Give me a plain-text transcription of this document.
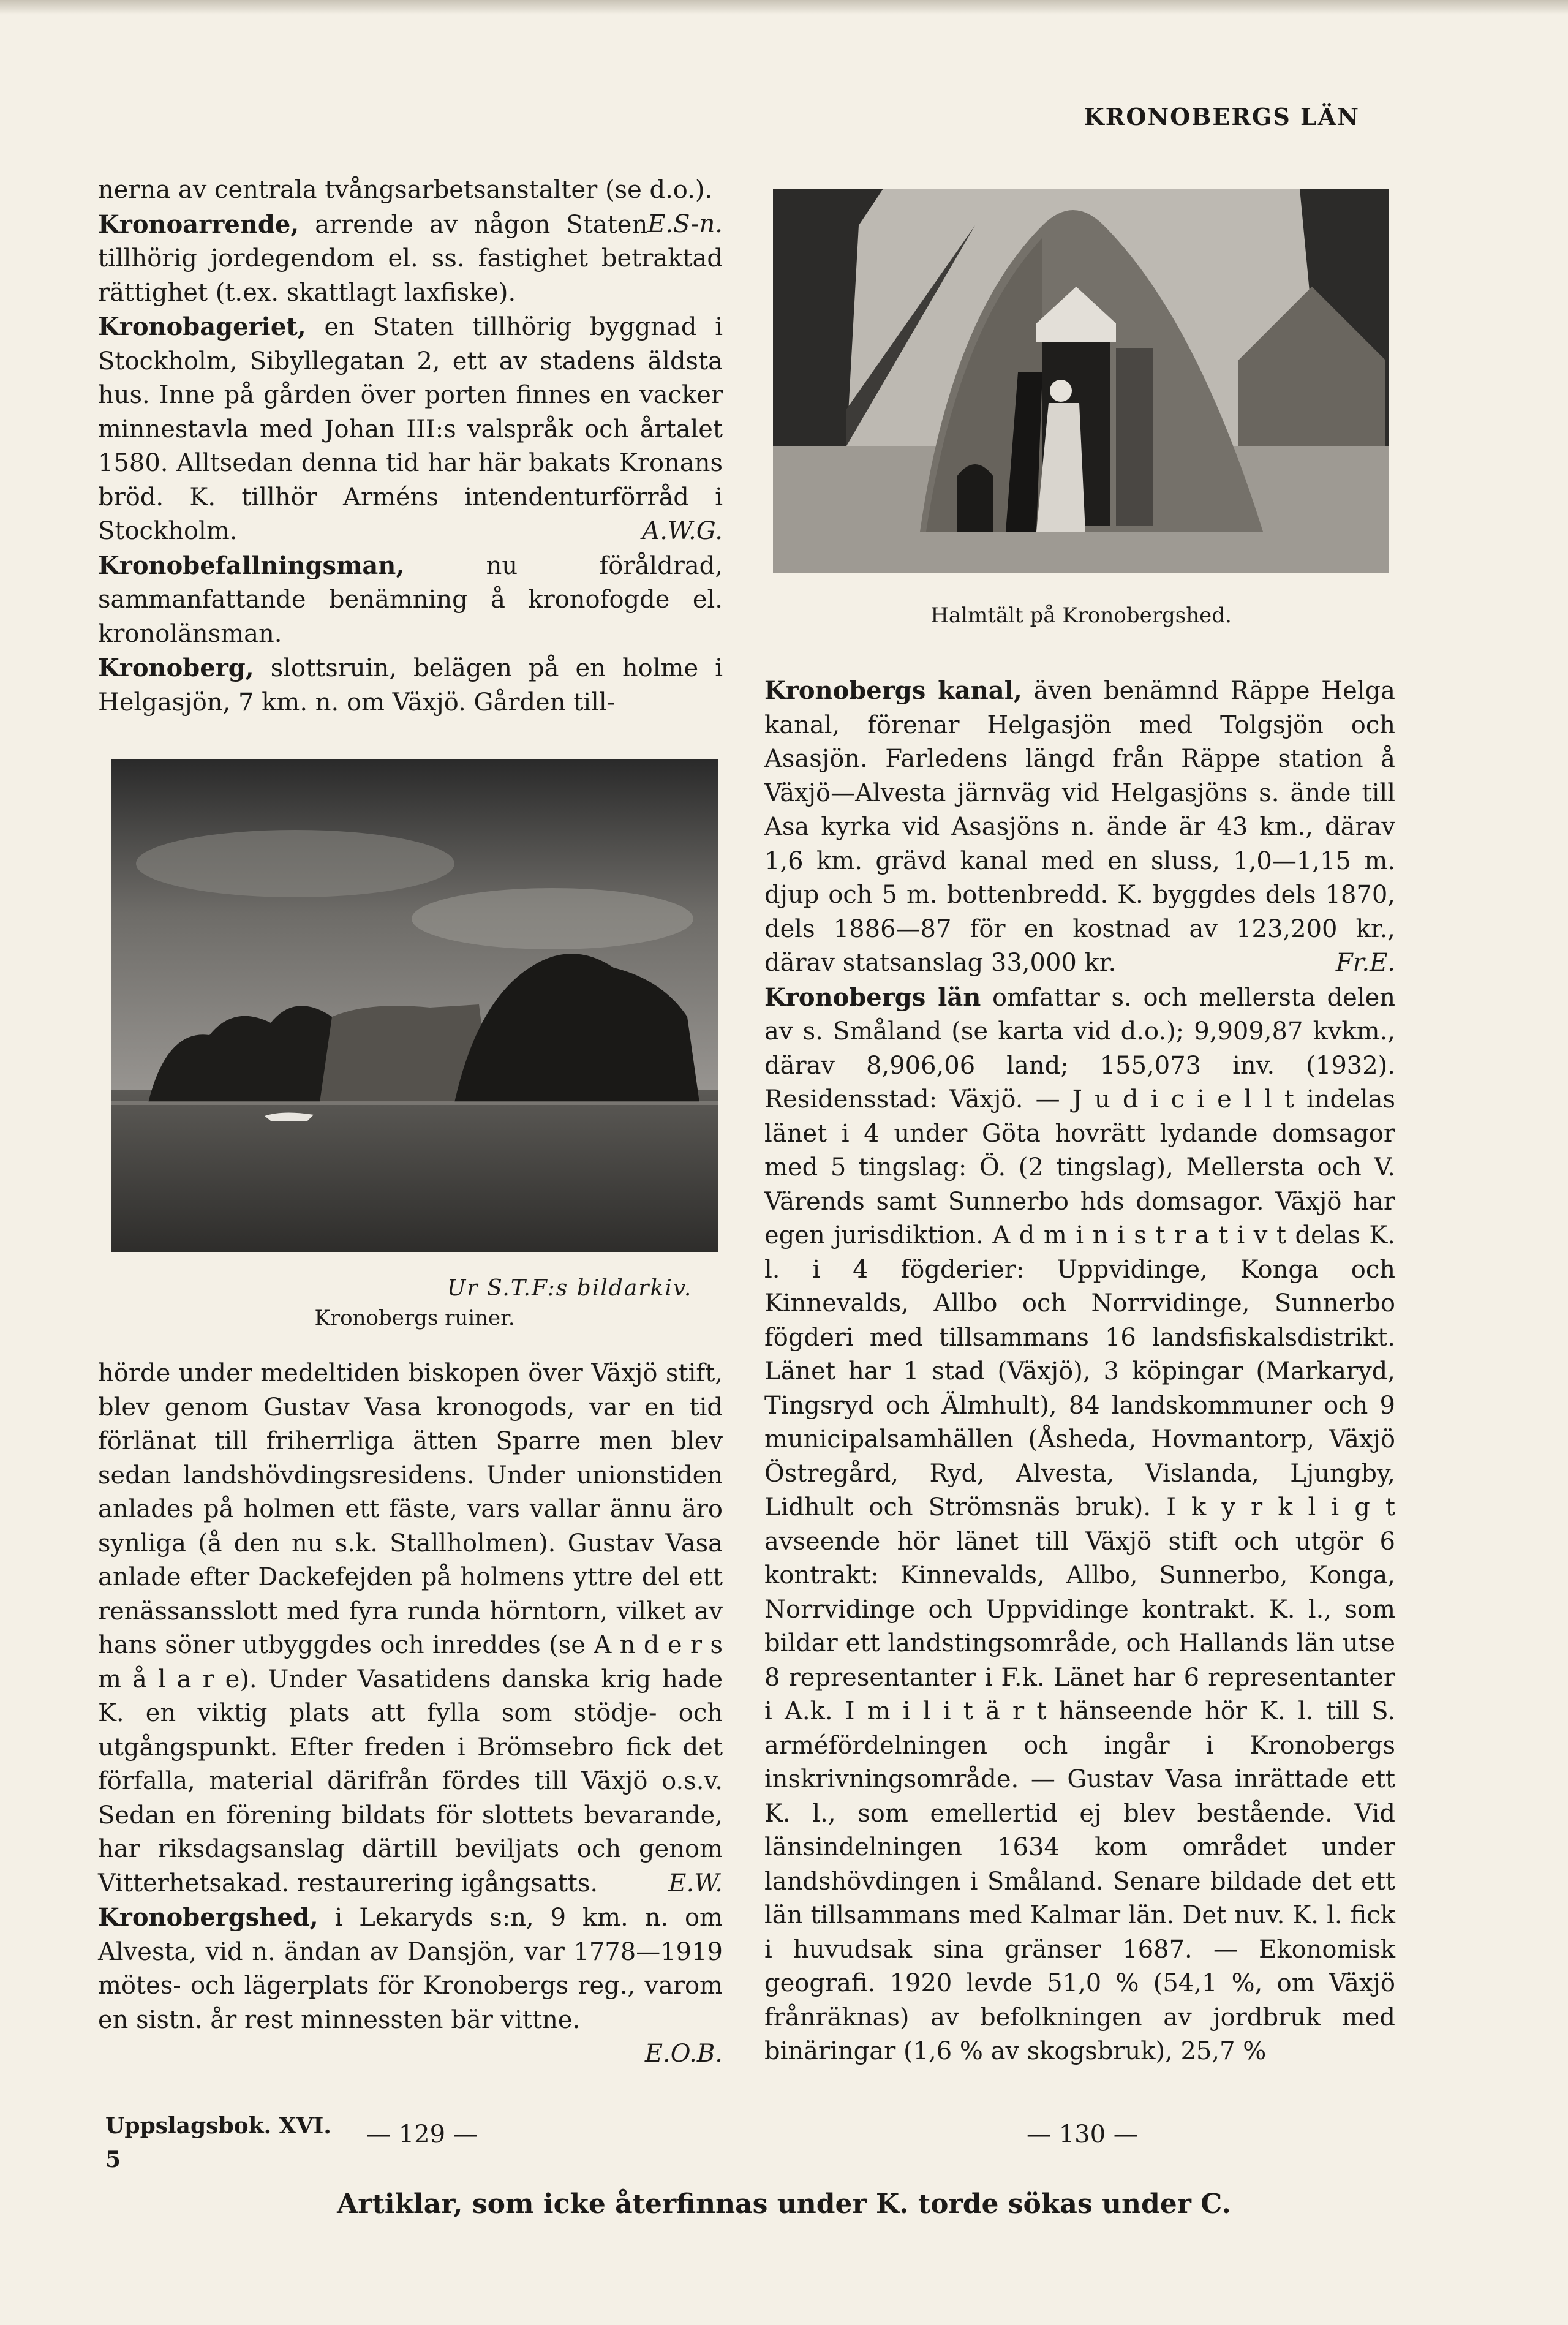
KRONOBERGS LÄN

nerna av centrala tvångsarbetsanstalter (se d.o.).
E.S-n.

Kronoarrende, arrende av någon Staten tillhörig jordegendom el. ss. fastighet betraktad rättighet (t.ex. skattlagt laxfiske).

Kronobageriet, en Staten tillhörig byggnad i Stockholm, Sibyllegatan 2, ett av stadens äldsta hus. Inne på gården över porten finnes en vacker minnestavla med Johan III:s valspråk och årtalet 1580. Alltsedan denna tid har här bakats Kronans bröd. K. tillhör Arméns intendenturförråd i Stockholm.	A.W.G.

Kronobefallningsman, nu föråldrad, sammanfattande benämning å kronofogde el. kronolänsman.

Kronoberg, slottsruin, belägen på en holme i Helgasjön, 7 km. n. om Växjö. Gården till-

Ur S.T.F:s bildarkiv.
Kronobergs ruiner.

hörde under medeltiden biskopen över Växjö stift, blev genom Gustav Vasa kronogods, var en tid förlänat till friherrliga ätten Sparre men blev sedan landshövdingsresidens. Under unionstiden anlades på holmen ett fäste, vars vallar ännu äro synliga (å den nu s.k. Stallholmen). Gustav Vasa anlade efter Dackefejden på holmens yttre del ett renässansslott med fyra runda hörntorn, vilket av hans söner utbyggdes och inreddes (se A n d e r s m å l a r e). Under Vasatidens danska krig hade K. en viktig plats att fylla som stödje- och utgångspunkt. Efter freden i Brömsebro fick det förfalla, material därifrån fördes till Växjö o.s.v. Sedan en förening bildats för slottets bevarande, har riksdagsanslag därtill beviljats och genom Vitterhetsakad. restaurering igångsatts.	E.W.

Kronobergshed, i Lekaryds s:n, 9 km. n. om Alvesta, vid n. ändan av Dansjön, var 1778—1919 mötes- och lägerplats för Kronobergs reg., varom en sistn. år rest minnessten bär vittne.
E.O.B.

Halmtält på Kronobergshed.

Kronobergs kanal, även benämnd Räppe Helga kanal, förenar Helgasjön med Tolgsjön och Asasjön. Farledens längd från Räppe station å Växjö—Alvesta järnväg vid Helgasjöns s. ände till Asa kyrka vid Asasjöns n. ände är 43 km., därav 1,6 km. grävd kanal med en sluss, 1,0—1,15 m. djup och 5 m. bottenbredd. K. byggdes dels 1870, dels 1886—87 för en kostnad av 123,200 kr., därav statsanslag 33,000 kr.	Fr.E.

Kronobergs län omfattar s. och mellersta delen av s. Småland (se karta vid d.o.); 9,909,87 kvkm., därav 8,906,06 land; 155,073 inv. (1932). Residensstad: Växjö. — J u d i c i e l l t indelas länet i 4 under Göta hovrätt lydande domsagor med 5 tingslag: Ö. (2 tingslag), Mellersta och V. Värends samt Sunnerbo hds domsagor. Växjö har egen jurisdiktion. A d m i n i s t r a t i v t delas K. l. i 4 fögderier: Uppvidinge, Konga och Kinnevalds, Allbo och Norrvidinge, Sunnerbo fögderi med tillsammans 16 landsfiskalsdistrikt. Länet har 1 stad (Växjö), 3 köpingar (Markaryd, Tingsryd och Älmhult), 84 landskommuner och 9 municipalsamhällen (Åsheda, Hovmantorp, Växjö Östregård, Ryd, Alvesta, Vislanda, Ljungby, Lidhult och Strömsnäs bruk). I k y r k l i g t avseende hör länet till Växjö stift och utgör 6 kontrakt: Kinnevalds, Allbo, Sunnerbo, Konga, Norrvidinge och Uppvidinge kontrakt. K. l., som bildar ett landstingsområde, och Hallands län utse 8 representanter i F.k. Länet har 6 representanter i A.k. I m i l i t ä r t hänseende hör K. l. till S. arméfördelningen och ingår i Kronobergs inskrivningsområde. — Gustav Vasa inrättade ett K. l., som emellertid ej blev bestående. Vid länsindelningen 1634 kom området under landshövdingen i Småland. Senare bildade det ett län tillsammans med Kalmar län. Det nuv. K. l. fick i huvudsak sina gränser 1687. — Ekonomisk geografi. 1920 levde 51,0 % (54,1 %, om Växjö frånräknas) av befolkningen av jordbruk med binäringar (1,6 % av skogsbruk), 25,7 %

Uppslagsbok. XVI.
5
— 129 —	— 130 —
Artiklar, som icke återfinnas under K. torde sökas under C.
